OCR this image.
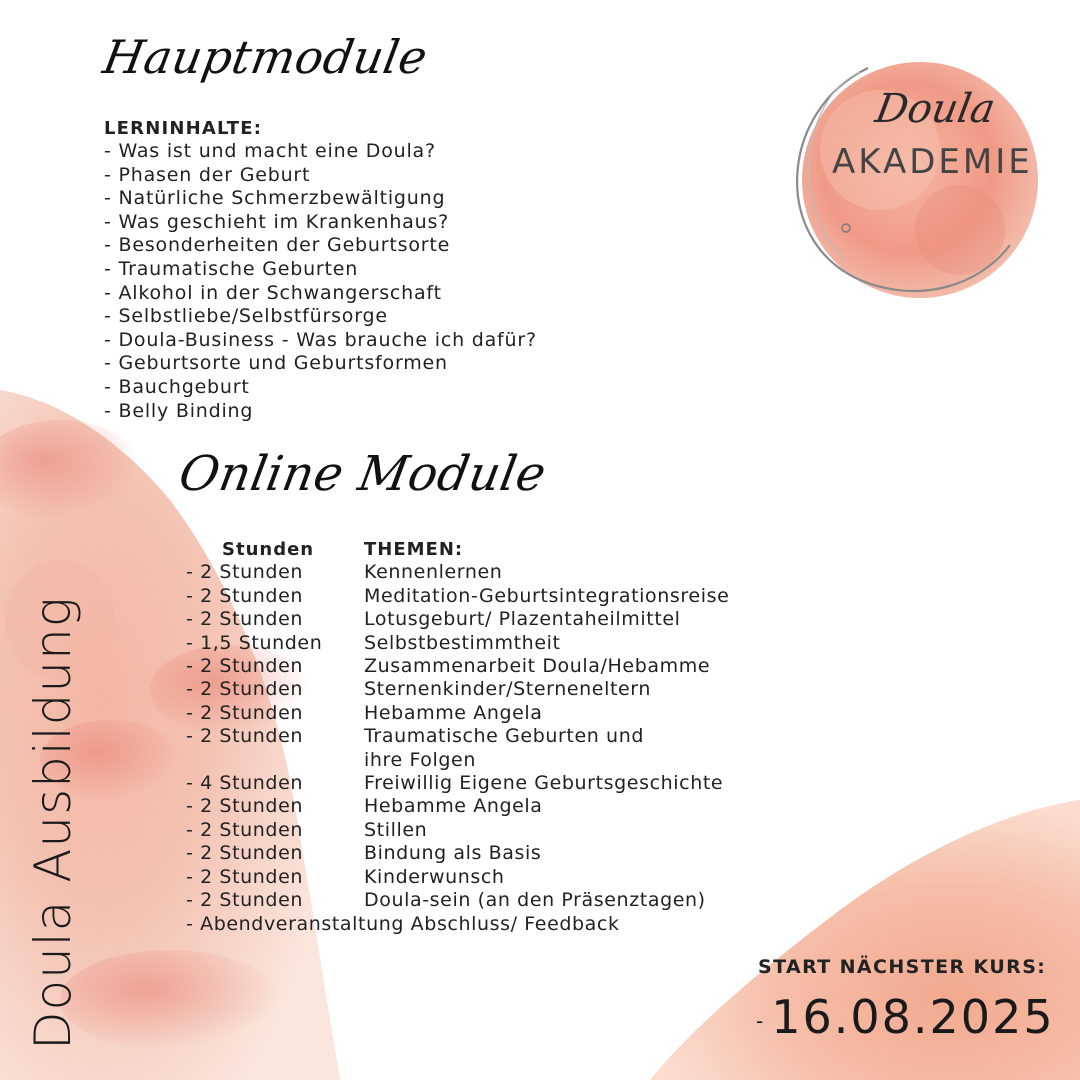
Doula
AKADEMIE
Hauptmodule
LERNINHALTE:
- Was ist und macht eine Doula?
- Phasen der Geburt
- Natürliche Schmerzbewältigung
- Was geschieht im Krankenhaus?
- Besonderheiten der Geburtsorte
- Traumatische Geburten
- Alkohol in der Schwangerschaft
- Selbstliebe/Selbstfürsorge
- Doula-Business - Was brauche ich dafür?
- Geburtsorte und Geburtsformen
- Bauchgeburt
- Belly Binding
Online Module
Stunden	THEMEN:
- 2 Stunden	Kennenlernen
- 2 Stunden	Meditation-Geburtsintegrationsreise
- 2 Stunden	Lotusgeburt/ Plazentaheilmittel
- 1,5 Stunden	Selbstbestimmtheit
- 2 Stunden	Zusammenarbeit Doula/Hebamme
- 2 Stunden	Sternenkinder/Sterneneltern
- 2 Stunden	Hebamme Angela
- 2 Stunden	Traumatische Geburten und
ihre Folgen
- 4 Stunden	Freiwillig Eigene Geburtsgeschichte
- 2 Stunden	Hebamme Angela
- 2 Stunden	Stillen
- 2 Stunden	Bindung als Basis
- 2 Stunden	Kinderwunsch
- 2 Stunden	Doula-sein (an den Präsenztagen)
- Abendveranstaltung Abschluss/ Feedback
Doula Ausbildung	START NÄCHSTER KURS:
- 16.08.2025
